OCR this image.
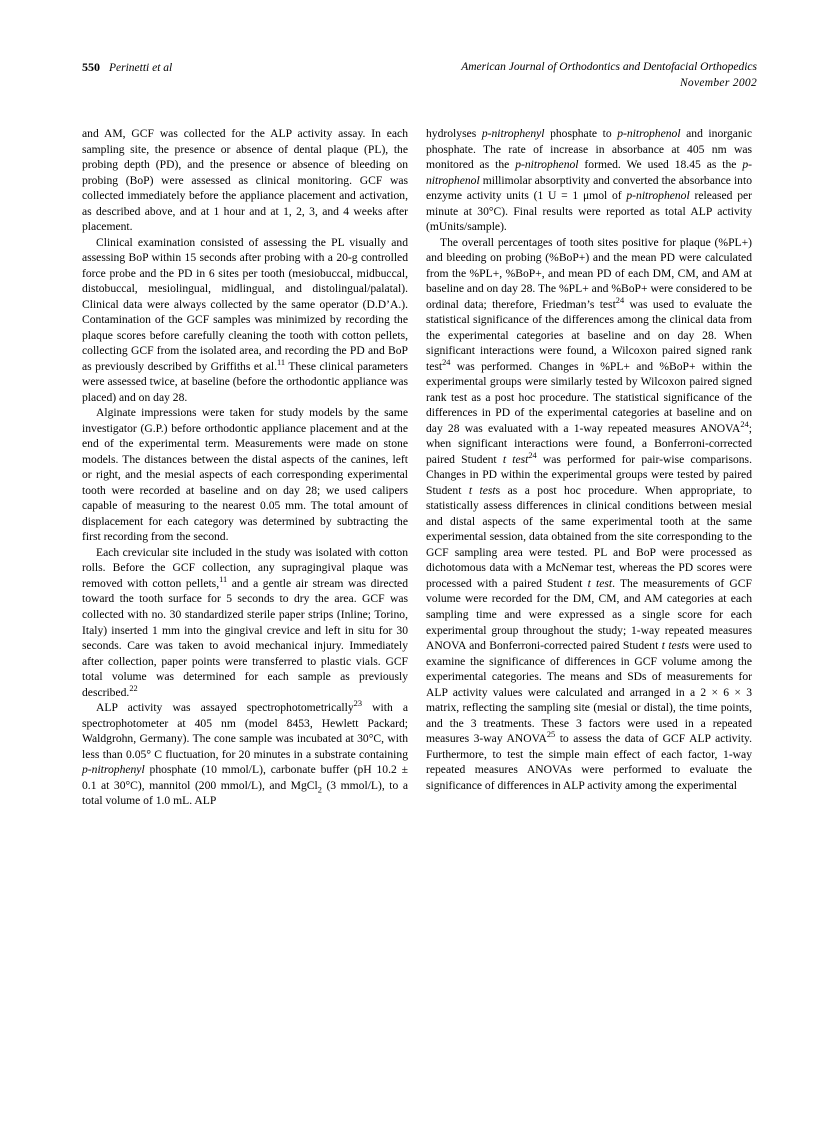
550 Perinetti et al	American Journal of Orthodontics and Dentofacial Orthopedics
November 2002

and AM, GCF was collected for the ALP activity assay. In each sampling site, the presence or absence of dental plaque (PL), the probing depth (PD), and the presence or absence of bleeding on probing (BoP) were assessed as clinical monitoring. GCF was collected immediately before the appliance placement and activation, as described above, and at 1 hour and at 1, 2, 3, and 4 weeks after placement.

Clinical examination consisted of assessing the PL visually and assessing BoP within 15 seconds after probing with a 20-g controlled force probe and the PD in 6 sites per tooth (mesiobuccal, midbuccal, distobuccal, mesiolingual, midlingual, and distolingual/palatal). Clinical data were always collected by the same operator (D.D’A.). Contamination of the GCF samples was minimized by recording the plaque scores before carefully cleaning the tooth with cotton pellets, collecting GCF from the isolated area, and recording the PD and BoP as previously described by Griffiths et al.$^{11}$ These clinical parameters were assessed twice, at baseline (before the orthodontic appliance was placed) and on day 28.

Alginate impressions were taken for study models by the same investigator (G.P.) before orthodontic appliance placement and at the end of the experimental term. Measurements were made on stone models. The distances between the distal aspects of the canines, left or right, and the mesial aspects of each corresponding experimental tooth were recorded at baseline and on day 28; we used calipers capable of measuring to the nearest 0.05 mm. The total amount of displacement for each category was determined by subtracting the first recording from the second.

Each crevicular site included in the study was isolated with cotton rolls. Before the GCF collection, any supragingival plaque was removed with cotton pellets,$^{11}$ and a gentle air stream was directed toward the tooth surface for 5 seconds to dry the area. GCF was collected with no. 30 standardized sterile paper strips (Inline; Torino, Italy) inserted 1 mm into the gingival crevice and left in situ for 30 seconds. Care was taken to avoid mechanical injury. Immediately after collection, paper points were transferred to plastic vials. GCF total volume was determined for each sample as previously described.$^{22}$

ALP activity was assayed spectrophotometrically$^{23}$ with a spectrophotometer at 405 nm (model 8453, Hewlett Packard; Waldgrohn, Germany). The cone sample was incubated at 30°C, with less than 0.05° C fluctuation, for 20 minutes in a substrate containing p-nitrophenyl phosphate (10 mmol/L), carbonate buffer (pH 10.2 ± 0.1 at 30°C), mannitol (200 mmol/L), and MgCl$_2$ (3 mmol/L), to a total volume of 1.0 mL. ALP

hydrolyses p-nitrophenyl phosphate to p-nitrophenol and inorganic phosphate. The rate of increase in absorbance at 405 nm was monitored as the p-nitrophenol formed. We used 18.45 as the p-nitrophenol millimolar absorptivity and converted the absorbance into enzyme activity units (1 U = 1 μmol of p-nitrophenol released per minute at 30°C). Final results were reported as total ALP activity (mUnits/sample).

The overall percentages of tooth sites positive for plaque (%PL+) and bleeding on probing (%BoP+) and the mean PD were calculated from the %PL+, %BoP+, and mean PD of each DM, CM, and AM at baseline and on day 28. The %PL+ and %BoP+ were considered to be ordinal data; therefore, Friedman’s test$^{24}$ was used to evaluate the statistical significance of the differences among the clinical data from the experimental categories at baseline and on day 28. When significant interactions were found, a Wilcoxon paired signed rank test$^{24}$ was performed. Changes in %PL+ and %BoP+ within the experimental groups were similarly tested by Wilcoxon paired signed rank test as a post hoc procedure. The statistical significance of the differences in PD of the experimental categories at baseline and on day 28 was evaluated with a 1-way repeated measures ANOVA$^{24}$; when significant interactions were found, a Bonferroni-corrected paired Student t test$^{24}$ was performed for pair-wise comparisons. Changes in PD within the experimental groups were tested by paired Student t tests as a post hoc procedure. When appropriate, to statistically assess differences in clinical conditions between mesial and distal aspects of the same experimental tooth at the same experimental session, data obtained from the site corresponding to the GCF sampling area were tested. PL and BoP were processed as dichotomous data with a McNemar test, whereas the PD scores were processed with a paired Student t test. The measurements of GCF volume were recorded for the DM, CM, and AM categories at each sampling time and were expressed as a single score for each experimental group throughout the study; 1-way repeated measures ANOVA and Bonferroni-corrected paired Student t tests were used to examine the significance of differences in GCF volume among the experimental categories. The means and SDs of measurements for ALP activity values were calculated and arranged in a 2 × 6 × 3 matrix, reflecting the sampling site (mesial or distal), the time points, and the 3 treatments. These 3 factors were used in a repeated measures 3-way ANOVA$^{25}$ to assess the data of GCF ALP activity. Furthermore, to test the simple main effect of each factor, 1-way repeated measures ANOVAs were performed to evaluate the significance of differences in ALP activity among the experimental
